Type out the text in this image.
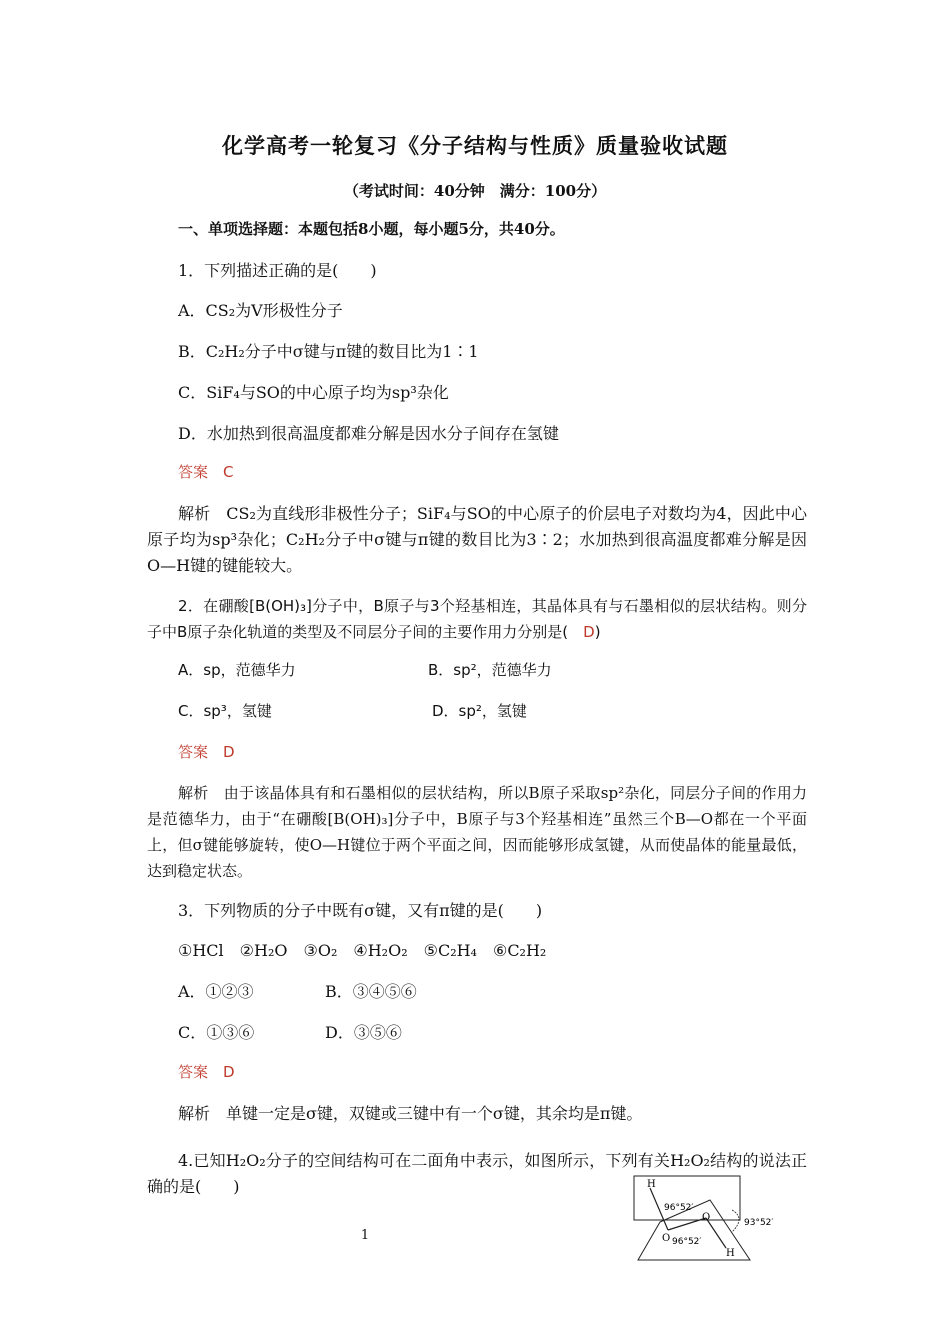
化学高考一轮复习《分子结构与性质》质量验收试题
（考试时间：40分钟　满分：100分）
一、单项选择题：本题包括8小题，每小题5分，共40分。
1．下列描述正确的是(　　)
A．CS₂为V形极性分子
B．C₂H₂分子中σ键与π键的数目比为1∶1
C．SiF₄与SO的中心原子均为sp³杂化
D．水加热到很高温度都难分解是因水分子间存在氢键
答案　C

解析　CS₂为直线形非极性分子；SiF₄与SO的中心原子的价层电子对数均为4，因此中心原子均为sp³杂化；C₂H₂分子中σ键与π键的数目比为3∶2；水加热到很高温度都难分解是因O—H键的键能较大。

2．在硼酸[B(OH)₃]分子中，B原子与3个羟基相连，其晶体具有与石墨相似的层状结构。则分子中B原子杂化轨道的类型及不同层分子间的主要作用力分别是(　D)

A．sp，范德华力	B．sp²，范德华力
C．sp³，氢键	D．sp²，氢键
答案　D

解析　由于该晶体具有和石墨相似的层状结构，所以B原子采取sp²杂化，同层分子间的作用力是范德华力，由于“在硼酸[B(OH)₃]分子中，B原子与3个羟基相连”虽然三个B—O都在一个平面上，但σ键能够旋转，使O—H键位于两个平面之间，因而能够形成氢键，从而使晶体的能量最低，达到稳定状态。

3．下列物质的分子中既有σ键，又有π键的是(　　)
①HCl　②H₂O　③O₂　④H₂O₂　⑤C₂H₄　⑥C₂H₂
A．①②③	B．③④⑤⑥
C．①③⑥	D．③⑤⑥
答案　D
解析　单键一定是σ键，双键或三键中有一个σ键，其余均是π键。

4.已知H₂O₂分子的空间结构可在二面角中表示，如图所示，下列有关H₂O₂结构的说法正确的是(　　)	H
O
O
H
96°52′
96°52′
93°52′
1
